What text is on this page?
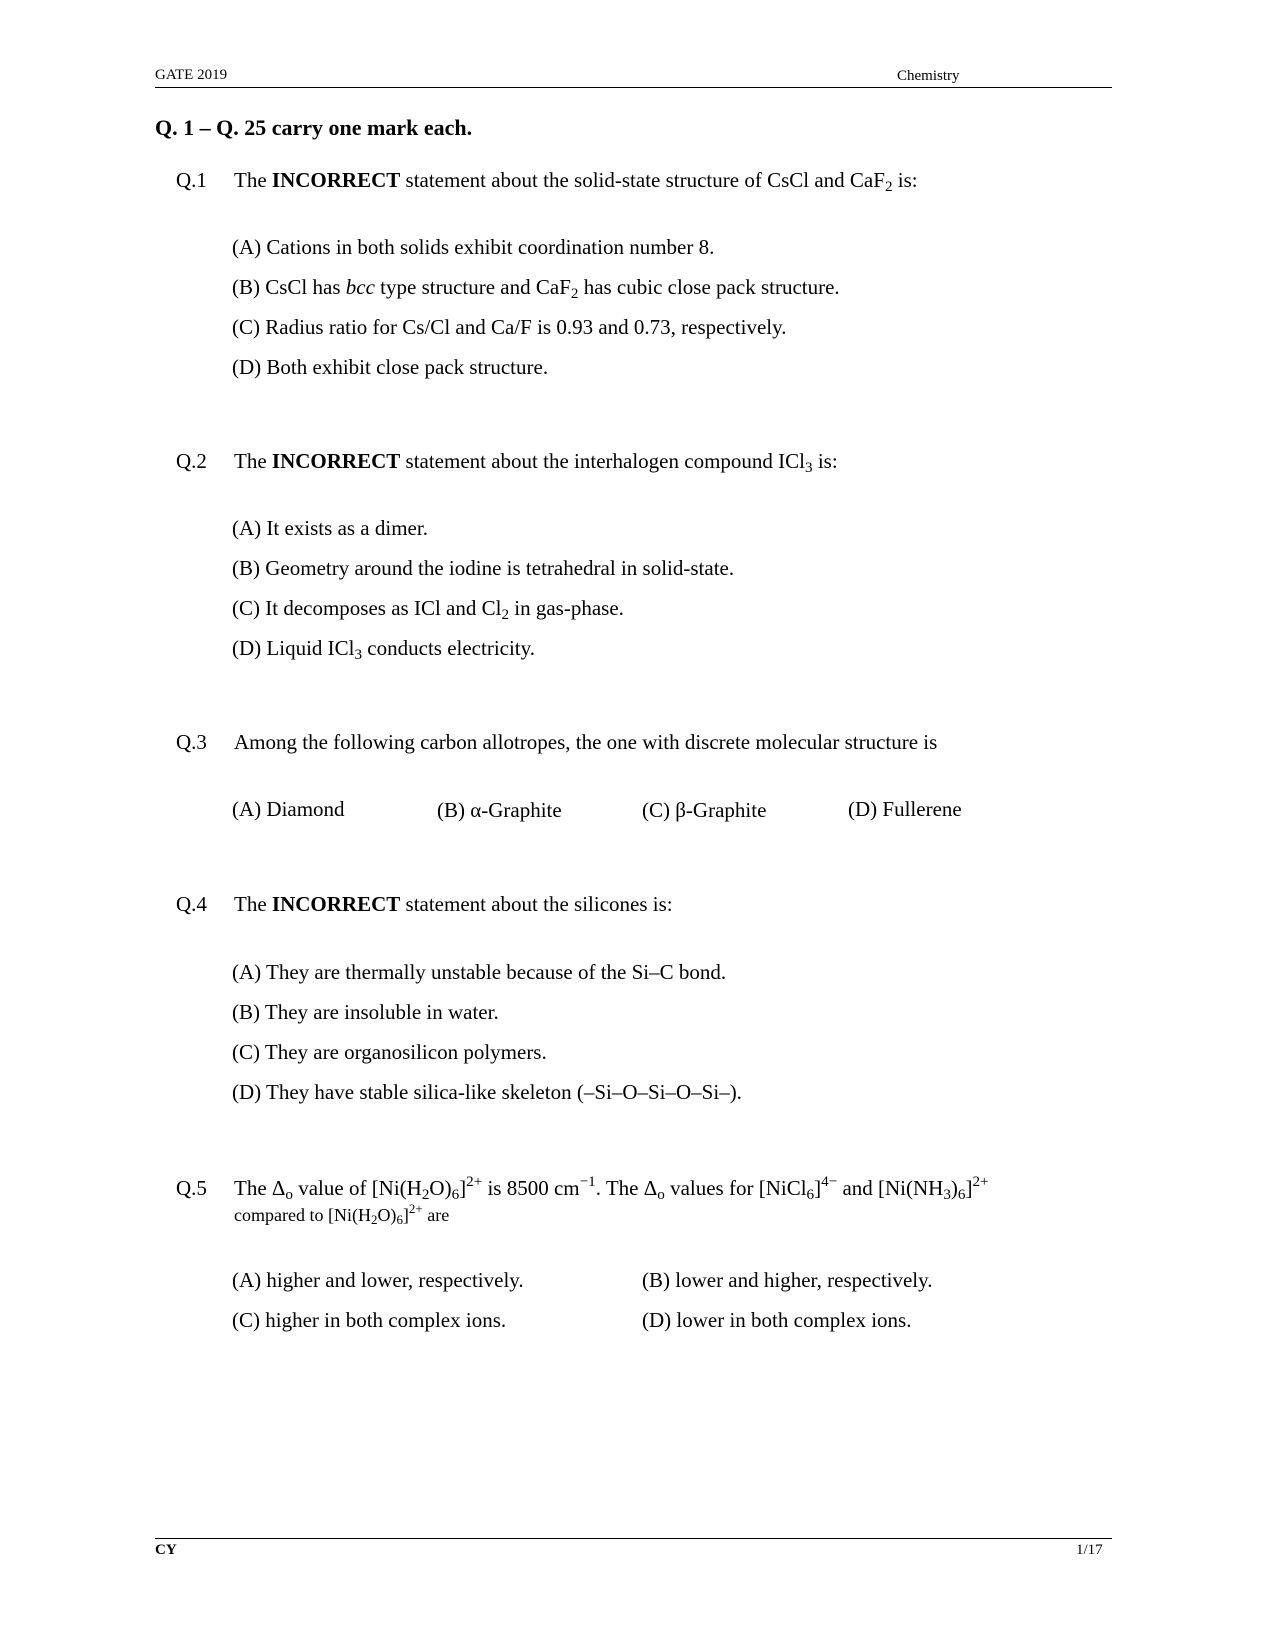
GATE 2019	Chemistry
Q. 1 – Q. 25 carry one mark each.
Q.1 The INCORRECT statement about the solid-state structure of CsCl and CaF$_2$ is:
(A) Cations in both solids exhibit coordination number 8.
(B) CsCl has bcc type structure and CaF$_2$ has cubic close pack structure.
(C) Radius ratio for Cs/Cl and Ca/F is 0.93 and 0.73, respectively.
(D) Both exhibit close pack structure.
Q.2 The INCORRECT statement about the interhalogen compound ICl$_3$ is:
(A) It exists as a dimer.
(B) Geometry around the iodine is tetrahedral in solid-state.
(C) It decomposes as ICl and $Cl_2$ in gas-phase.
(D) Liquid ICl$_3$ conducts electricity.
Q.3 Among the following carbon allotropes, the one with discrete molecular structure is
(A) Diamond	(B) α-Graphite	(C) β-Graphite	(D) Fullerene
Q.4 The INCORRECT statement about the silicones is:
(A) They are thermally unstable because of the Si–C bond.
(B) They are insoluble in water.
(C) They are organosilicon polymers.
(D) They have stable silica-like skeleton (–Si–O–Si–O–Si–).
Q.5 The $\Delta_o$ value of $[Ni(H_2O)_6]^{2+}$ is 8500 $cm^{-1}$. The $\Delta_o$ values for [NiCl$_6$]$^{4-}$ and $[Ni(NH_3)_6]^{2+}$
compared to $[Ni(H_2O)_6]^{2+}$ are
(A) higher and lower, respectively.	(B) lower and higher, respectively.
(C) higher in both complex ions.	(D) lower in both complex ions.
CY	1/17
